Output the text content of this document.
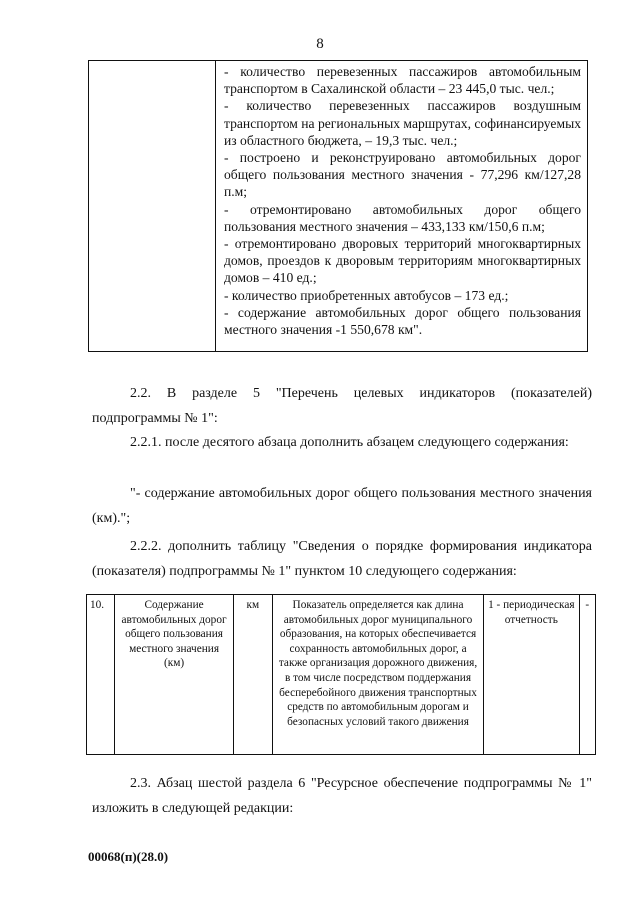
8

- количество перевезенных пассажиров автомобильным транспортом в Сахалинской области – 23 445,0 тыс. чел.;

- количество перевезенных пассажиров воздушным транспортом на региональных маршрутах, софинансируемых из областного бюджета, – 19,3 тыс. чел.;

- построено и реконструировано автомобильных дорог общего пользования местного значения - 77,296 км/127,28 п.м;

- отремонтировано автомобильных дорог общего пользования местного значения – 433,133 км/150,6 п.м;

- отремонтировано дворовых территорий многоквартирных домов, проездов к дворовым территориям многоквартирных домов – 410 ед.;

- количество приобретенных автобусов – 173 ед.;

- содержание автомобильных дорог общего пользования местного значения -1 550,678 км".

2.2. В разделе 5 "Перечень целевых индикаторов (показателей) подпрограммы № 1":

2.2.1. после десятого абзаца дополнить абзацем следующего содержания:

"- содержание автомобильных дорог общего пользования местного значения (км).";

2.2.2. дополнить таблицу "Сведения о порядке формирования индикатора (показателя) подпрограммы № 1" пунктом 10 следующего содержания:

10.	Содержание автомобильных дорог общего пользования местного значения (км)	км	Показатель определяется как длина автомобильных дорог муниципального образования, на которых обеспечивается сохранность автомобильных дорог, а также организация дорожного движения, в том числе посредством поддержания бесперебойного движения транспортных средств по автомобильным дорогам и безопасных условий такого движения	1 - периодическая отчетность	-

2.3. Абзац шестой раздела 6 "Ресурсное обеспечение подпрограммы № 1" изложить в следующей редакции:

00068(п)(28.0)
